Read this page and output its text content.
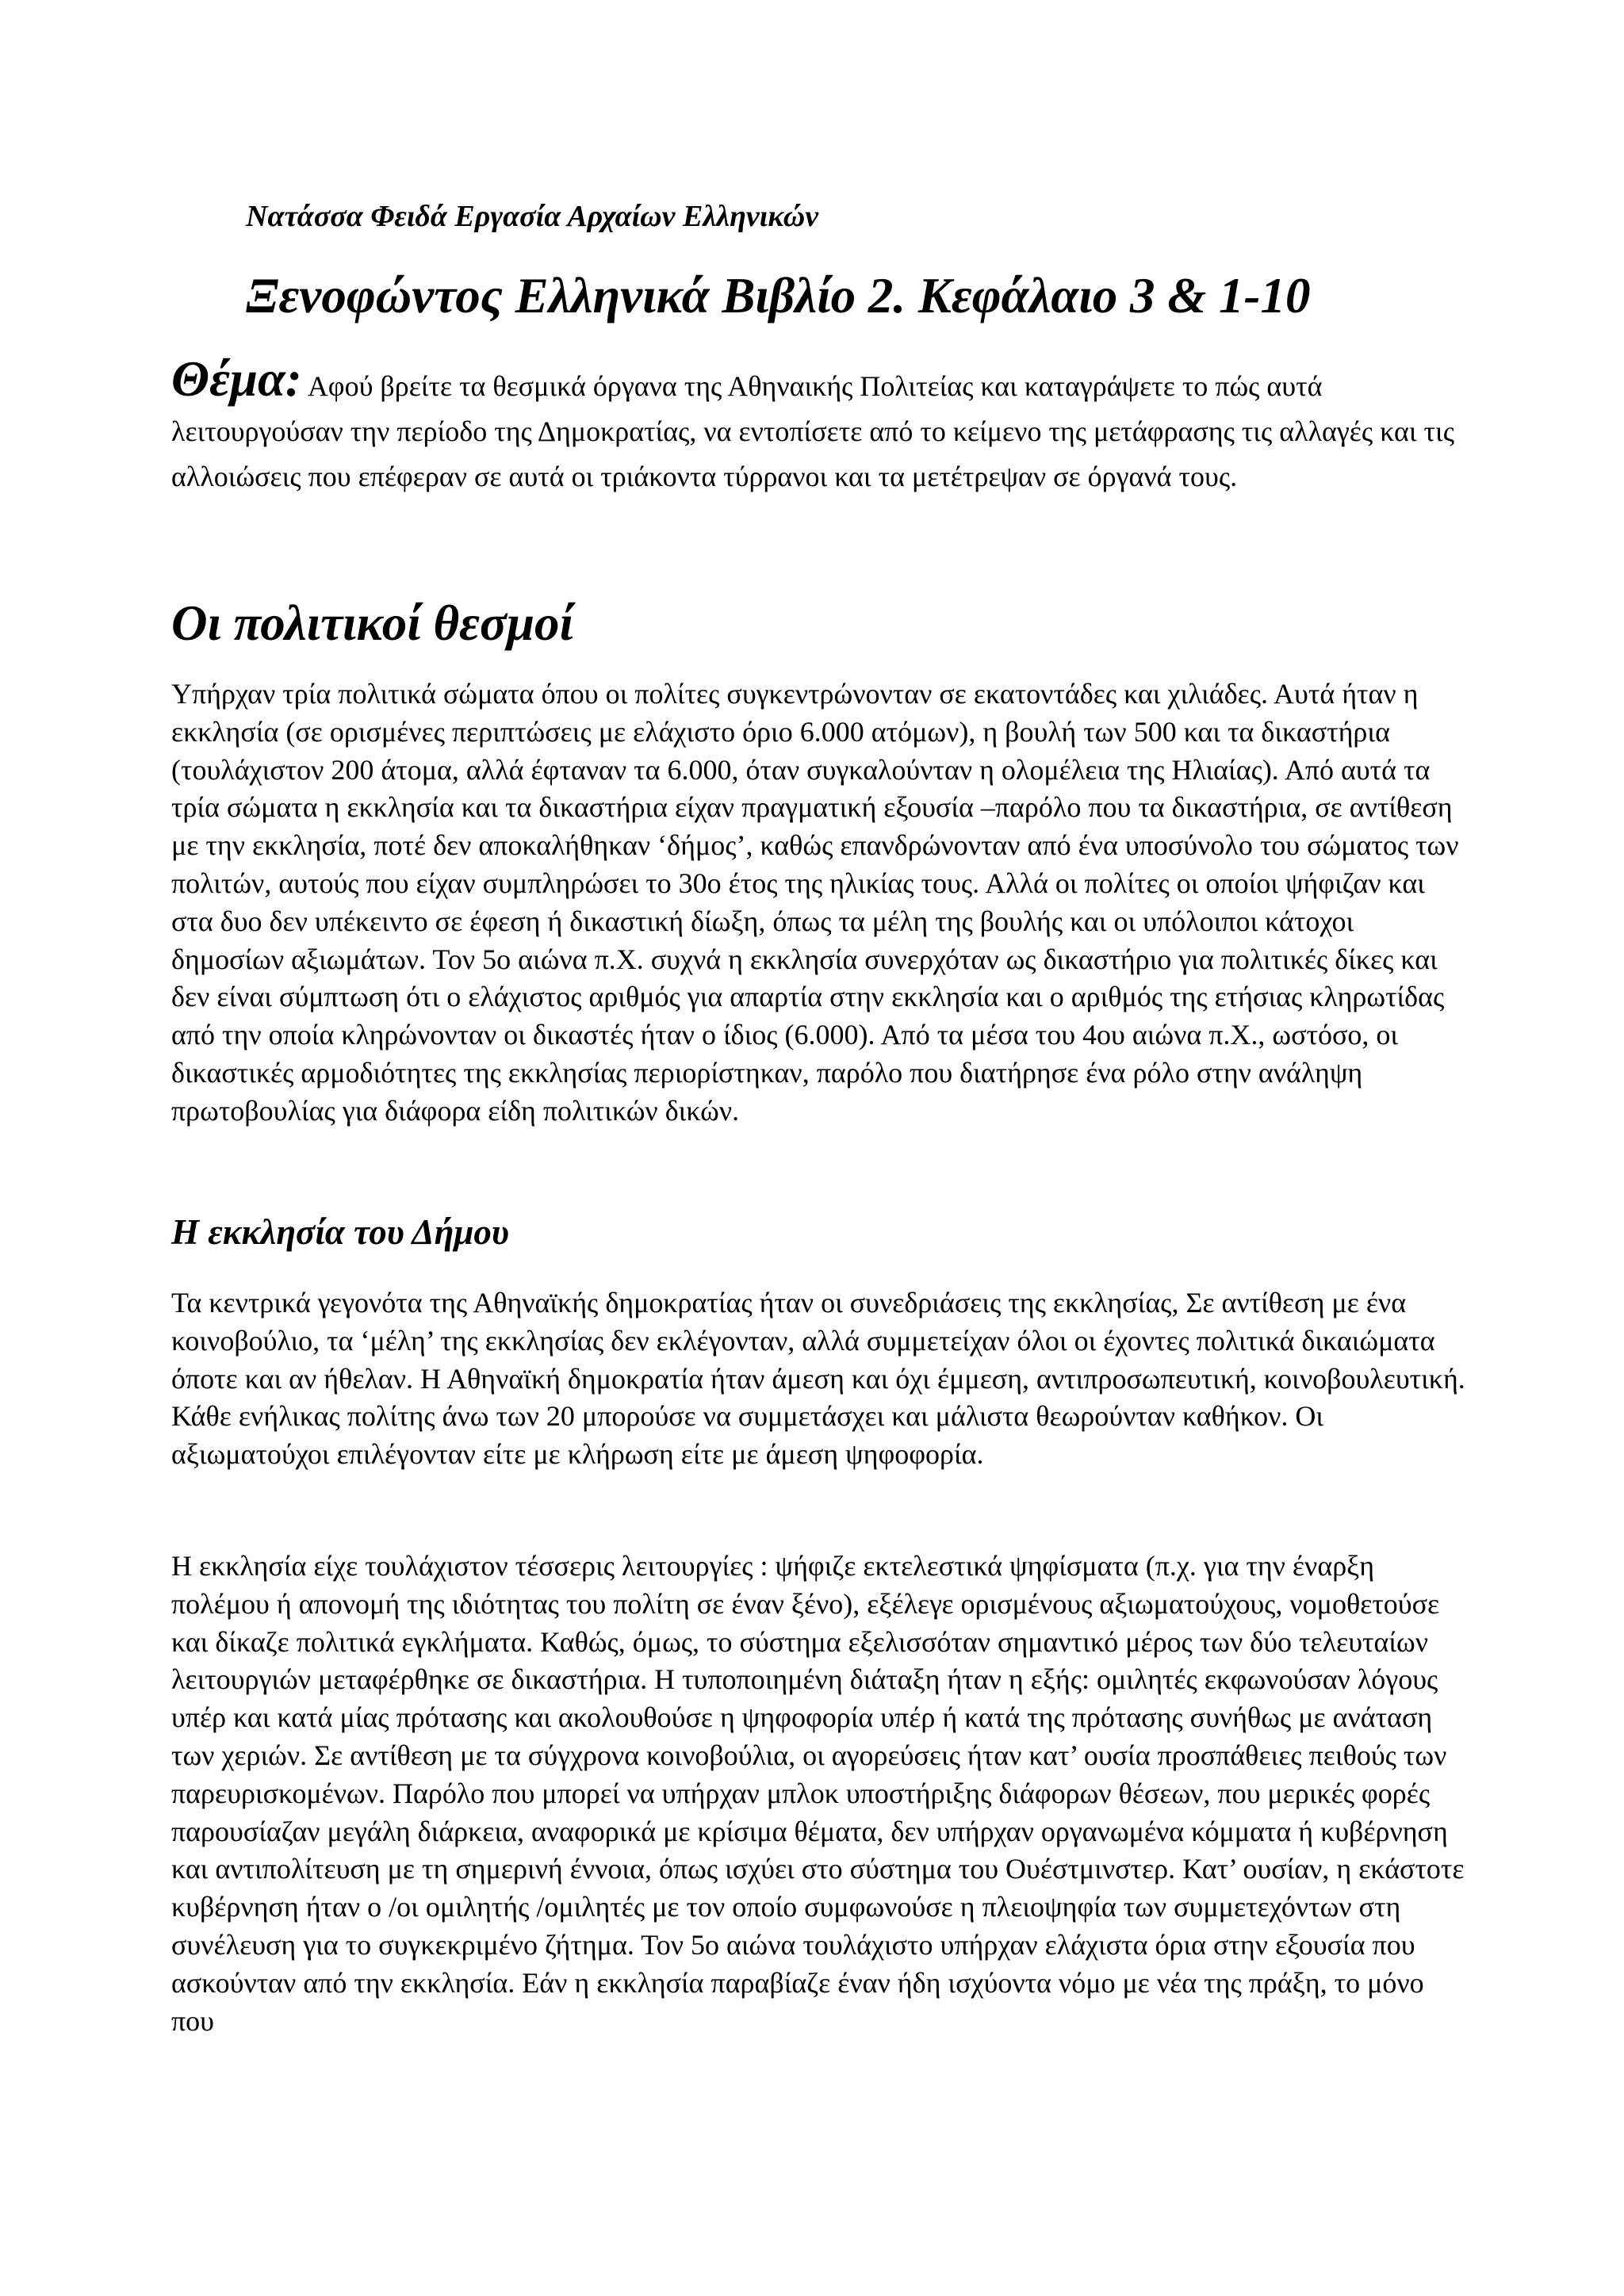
Νατάσσα Φειδά Εργασία Αρχαίων Ελληνικών
Ξενοφώντος Ελληνικά Βιβλίο 2. Κεφάλαιο 3 & 1-10

Θέμα: Αφού βρείτε τα θεσμικά όργανα της Αθηναικής Πολιτείας και καταγράψετε το πώς αυτά λειτουργούσαν την περίοδο της Δημοκρατίας, να εντοπίσετε από το κείμενο της μετάφρασης τις αλλαγές και τις αλλοιώσεις που επέφεραν σε αυτά οι τριάκοντα τύρρανοι και τα μετέτρεψαν σε όργανά τους.

Οι πολιτικοί θεσμοί

Υπήρχαν τρία πολιτικά σώματα όπου οι πολίτες συγκεντρώνονταν σε εκατοντάδες και χιλιάδες. Αυτά ήταν η εκκλησία (σε ορισμένες περιπτώσεις με ελάχιστο όριο 6.000 ατόμων), η βουλή των 500 και τα δικαστήρια (τουλάχιστον 200 άτομα, αλλά έφταναν τα 6.000, όταν συγκαλούνταν η ολομέλεια της Ηλιαίας). Από αυτά τα τρία σώματα η εκκλησία και τα δικαστήρια είχαν πραγματική εξουσία –παρόλο που τα δικαστήρια, σε αντίθεση με την εκκλησία, ποτέ δεν αποκαλήθηκαν ‘δήμος’, καθώς επανδρώνονταν από ένα υποσύνολο του σώματος των πολιτών, αυτούς που είχαν συμπληρώσει το 30ο έτος της ηλικίας τους. Αλλά οι πολίτες οι οποίοι ψήφιζαν και στα δυο δεν υπέκειντο σε έφεση ή δικαστική δίωξη, όπως τα μέλη της βουλής και οι υπόλοιποι κάτοχοι δημοσίων αξιωμάτων. Τον 5ο αιώνα π.Χ. συχνά η εκκλησία συνερχόταν ως δικαστήριο για πολιτικές δίκες και δεν είναι σύμπτωση ότι ο ελάχιστος αριθμός για απαρτία στην εκκλησία και ο αριθμός της ετήσιας κληρωτίδας από την οποία κληρώνονταν οι δικαστές ήταν ο ίδιος (6.000). Από τα μέσα του 4ου αιώνα π.Χ., ωστόσο, οι δικαστικές αρμοδιότητες της εκκλησίας περιορίστηκαν, παρόλο που διατήρησε ένα ρόλο στην ανάληψη πρωτοβουλίας για διάφορα είδη πολιτικών δικών.

Η εκκλησία του Δήμου

Τα κεντρικά γεγονότα της Αθηναϊκής δημοκρατίας ήταν οι συνεδριάσεις της εκκλησίας, Σε αντίθεση με ένα κοινοβούλιο, τα ‘μέλη’ της εκκλησίας δεν εκλέγονταν, αλλά συμμετείχαν όλοι οι έχοντες πολιτικά δικαιώματα όποτε και αν ήθελαν. Η Αθηναϊκή δημοκρατία ήταν άμεση και όχι έμμεση, αντιπροσωπευτική, κοινοβουλευτική. Κάθε ενήλικας πολίτης άνω των 20 μπορούσε να συμμετάσχει και μάλιστα θεωρούνταν καθήκον. Οι αξιωματούχοι επιλέγονταν είτε με κλήρωση είτε με άμεση ψηφοφορία.

Η εκκλησία είχε τουλάχιστον τέσσερις λειτουργίες : ψήφιζε εκτελεστικά ψηφίσματα (π.χ. για την έναρξη πολέμου ή απονομή της ιδιότητας του πολίτη σε έναν ξένο), εξέλεγε ορισμένους αξιωματούχους, νομοθετούσε και δίκαζε πολιτικά εγκλήματα. Καθώς, όμως, το σύστημα εξελισσόταν σημαντικό μέρος των δύο τελευταίων λειτουργιών μεταφέρθηκε σε δικαστήρια. Η τυποποιημένη διάταξη ήταν η εξής: ομιλητές εκφωνούσαν λόγους υπέρ και κατά μίας πρότασης και ακολουθούσε η ψηφοφορία υπέρ ή κατά της πρότασης συνήθως με ανάταση των χεριών. Σε αντίθεση με τα σύγχρονα κοινοβούλια, οι αγορεύσεις ήταν κατ’ ουσία προσπάθειες πειθούς των παρευρισκομένων. Παρόλο που μπορεί να υπήρχαν μπλοκ υποστήριξης διάφορων θέσεων, που μερικές φορές παρουσίαζαν μεγάλη διάρκεια, αναφορικά με κρίσιμα θέματα, δεν υπήρχαν οργανωμένα κόμματα ή κυβέρνηση και αντιπολίτευση με τη σημερινή έννοια, όπως ισχύει στο σύστημα του Ουέστμινστερ. Κατ’ ουσίαν, η εκάστοτε κυβέρνηση ήταν ο /οι ομιλητής /ομιλητές με τον οποίο συμφωνούσε η πλειοψηφία των συμμετεχόντων στη συνέλευση για το συγκεκριμένο ζήτημα. Τον 5ο αιώνα τουλάχιστο υπήρχαν ελάχιστα όρια στην εξουσία που ασκούνταν από την εκκλησία. Εάν η εκκλησία παραβίαζε έναν ήδη ισχύοντα νόμο με νέα της πράξη, το μόνο που
